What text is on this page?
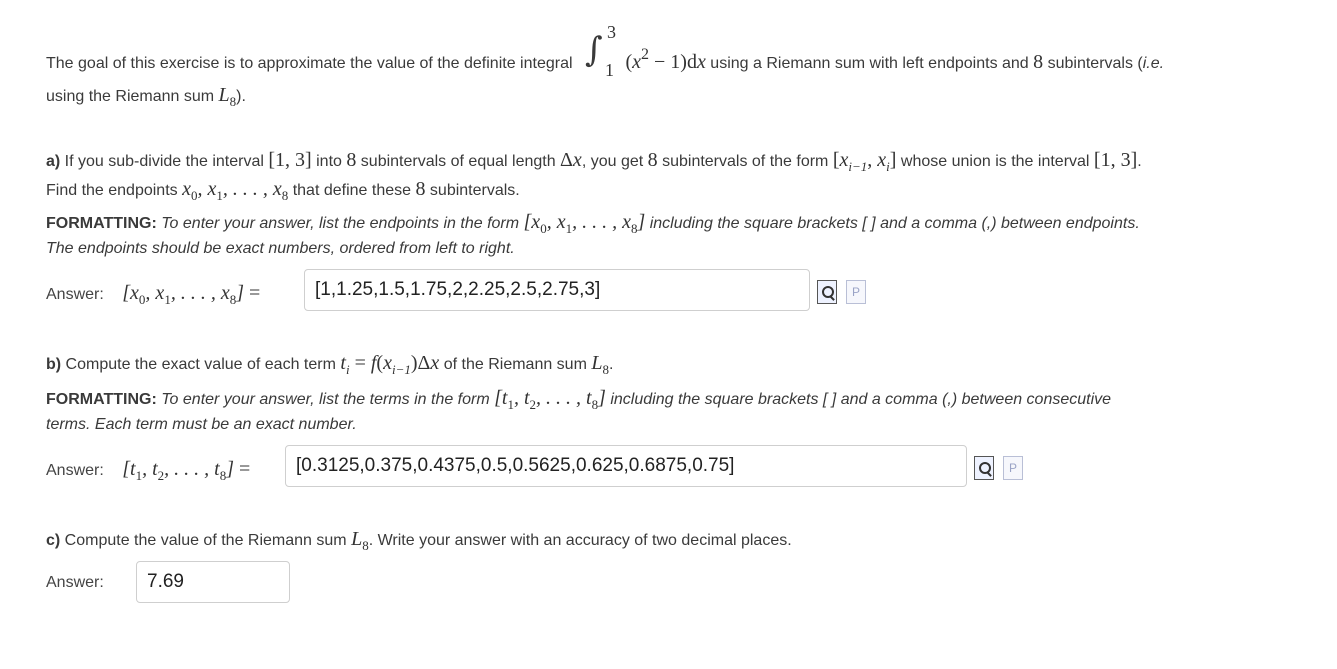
The goal of this exercise is to approximate the value of the definite integral ∫ 3
1 (x2 − 1)dx using a Riemann sum with left endpoints and 8 subintervals (i.e.
using the Riemann sum $L_8$).
a) If you sub-divide the interval [1, 3] into 8 subintervals of equal length Δx, you get 8 subintervals of the form [$x_{i-1}$, $x_i$] whose union is the interval [1, 3].
Find the endpoints $x_0$, $x_1$, . . . , $x_8$ that define these 8 subintervals.
FORMATTING: To enter your answer, list the endpoints in the form [$x_0$, $x_1$, . . . , $x_8$] including the square brackets [ ] and a comma (,) between endpoints.
The endpoints should be exact numbers, ordered from left to right.
Answer: [$x_0$, $x_1$, . . . , $x_8$] =	[1,1.25,1.5,1.75,2,2.25,2.5,2.75,3]	P
b) Compute the exact value of each term $t_i = f(x_{i-1})\Delta x$ of the Riemann sum $L_8$.
FORMATTING: To enter your answer, list the terms in the form [$t_1$, $t_2$, . . . , $t_8$] including the square brackets [ ] and a comma (,) between consecutive
terms. Each term must be an exact number.
Answer: [$t_1$, $t_2$, . . . , $t_8] = [0.3125,0.375,0.4375,0.5,0.5625,0.625,0.6875,0.75]$	P
c) Compute the value of the Riemann sum $L_8$. Write your answer with an accuracy of two decimal places.
Answer: 7.69
